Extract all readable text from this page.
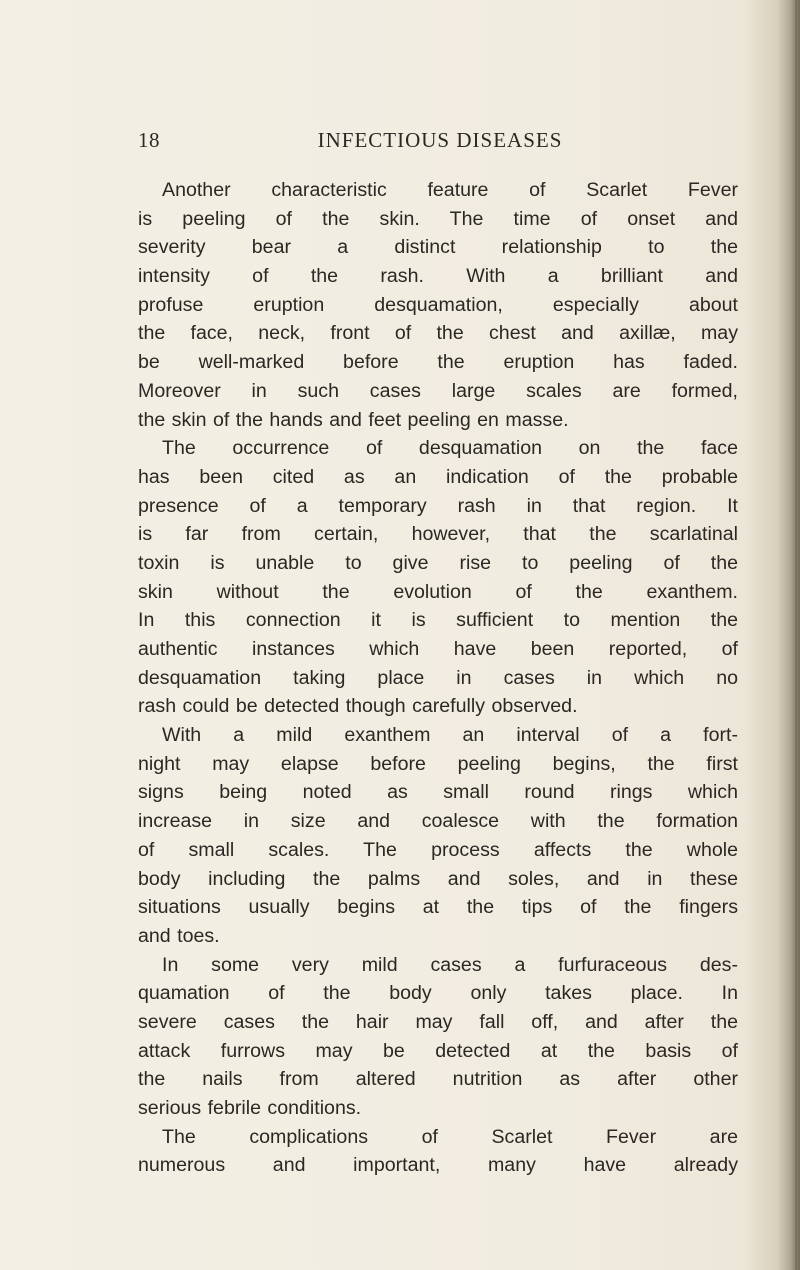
18	INFECTIOUS DISEASES
Another characteristic feature of Scarlet Fever
is peeling of the skin. The time of onset and
severity bear a distinct relationship to the
intensity of the rash. With a brilliant and
profuse eruption desquamation, especially about
the face, neck, front of the chest and axillæ, may
be well-marked before the eruption has faded.
Moreover in such cases large scales are formed,
the skin of the hands and feet peeling en masse.
The occurrence of desquamation on the face
has been cited as an indication of the probable
presence of a temporary rash in that region. It
is far from certain, however, that the scarlatinal
toxin is unable to give rise to peeling of the
skin without the evolution of the exanthem.
In this connection it is sufficient to mention the
authentic instances which have been reported, of
desquamation taking place in cases in which no
rash could be detected though carefully observed.
With a mild exanthem an interval of a fort-
night may elapse before peeling begins, the first
signs being noted as small round rings which
increase in size and coalesce with the formation
of small scales. The process affects the whole
body including the palms and soles, and in these
situations usually begins at the tips of the fingers
and toes.
In some very mild cases a furfuraceous des-
quamation of the body only takes place. In
severe cases the hair may fall off, and after the
attack furrows may be detected at the basis of
the nails from altered nutrition as after other
serious febrile conditions.
The complications of Scarlet Fever are
numerous and important, many have already
